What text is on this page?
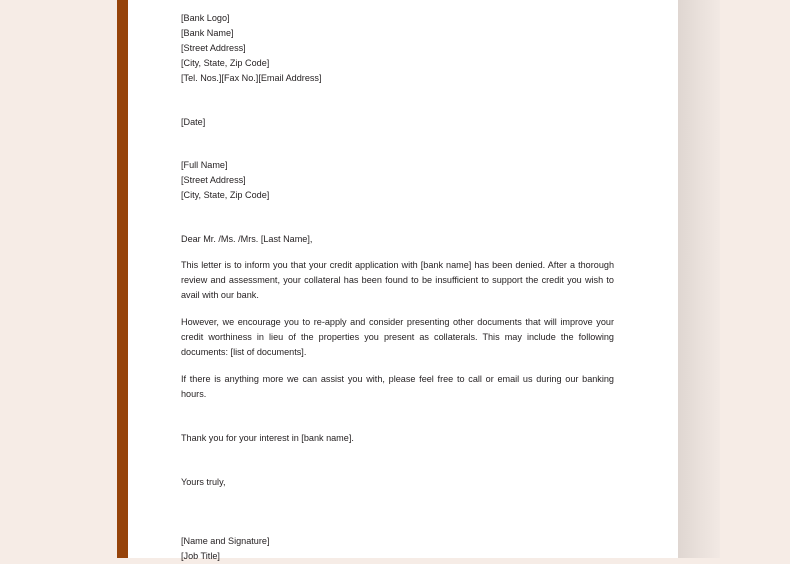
[Bank Logo]
[Bank Name]
[Street Address]
[City, State, Zip Code]
[Tel. Nos.][Fax No.][Email Address]
[Date]
[Full Name]
[Street Address]
[City, State, Zip Code]
Dear Mr. /Ms. /Mrs. [Last Name],
This letter is to inform you that your credit application with [bank name] has been denied. After a thorough review and assessment, your collateral has been found to be insufficient to support the credit you wish to avail with our bank.
However, we encourage you to re-apply and consider presenting other documents that will improve your credit worthiness in lieu of the properties you present as collaterals. This may include the following documents: [list of documents].
If there is anything more we can assist you with, please feel free to call or email us during our banking hours.
Thank you for your interest in [bank name].
Yours truly,
[Name and Signature]
[Job Title]
